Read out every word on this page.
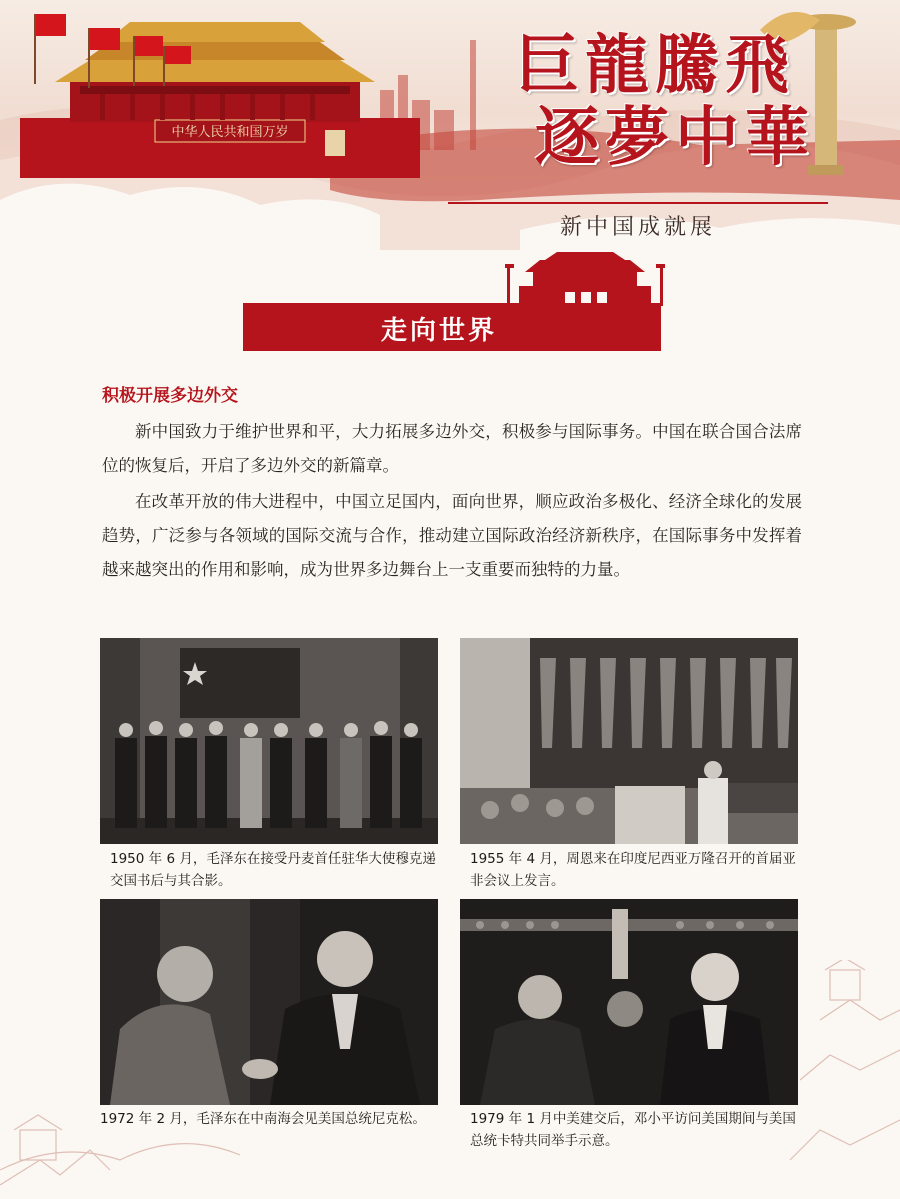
中华人民共和国万岁
巨龍騰飛
逐夢中華
新中国成就展
走向世界
积极开展多边外交
新中国致力于维护世界和平，大力拓展多边外交，积极参与国际事务。中国在联合国合法席位的恢复后，开启了多边外交的新篇章。
在改革开放的伟大进程中，中国立足国内，面向世界，顺应政治多极化、经济全球化的发展趋势，广泛参与各领域的国际交流与合作，推动建立国际政治经济新秩序，在国际事务中发挥着越来越突出的作用和影响，成为世界多边舞台上一支重要而独特的力量。
1950 年 6 月，毛泽东在接受丹麦首任驻华大使穆克递交国书后与其合影。
1955 年 4 月，周恩来在印度尼西亚万隆召开的首届亚非会议上发言。
1972 年 2 月，毛泽东在中南海会见美国总统尼克松。	1979 年 1 月中美建交后，邓小平访问美国期间与美国总统卡特共同举手示意。
